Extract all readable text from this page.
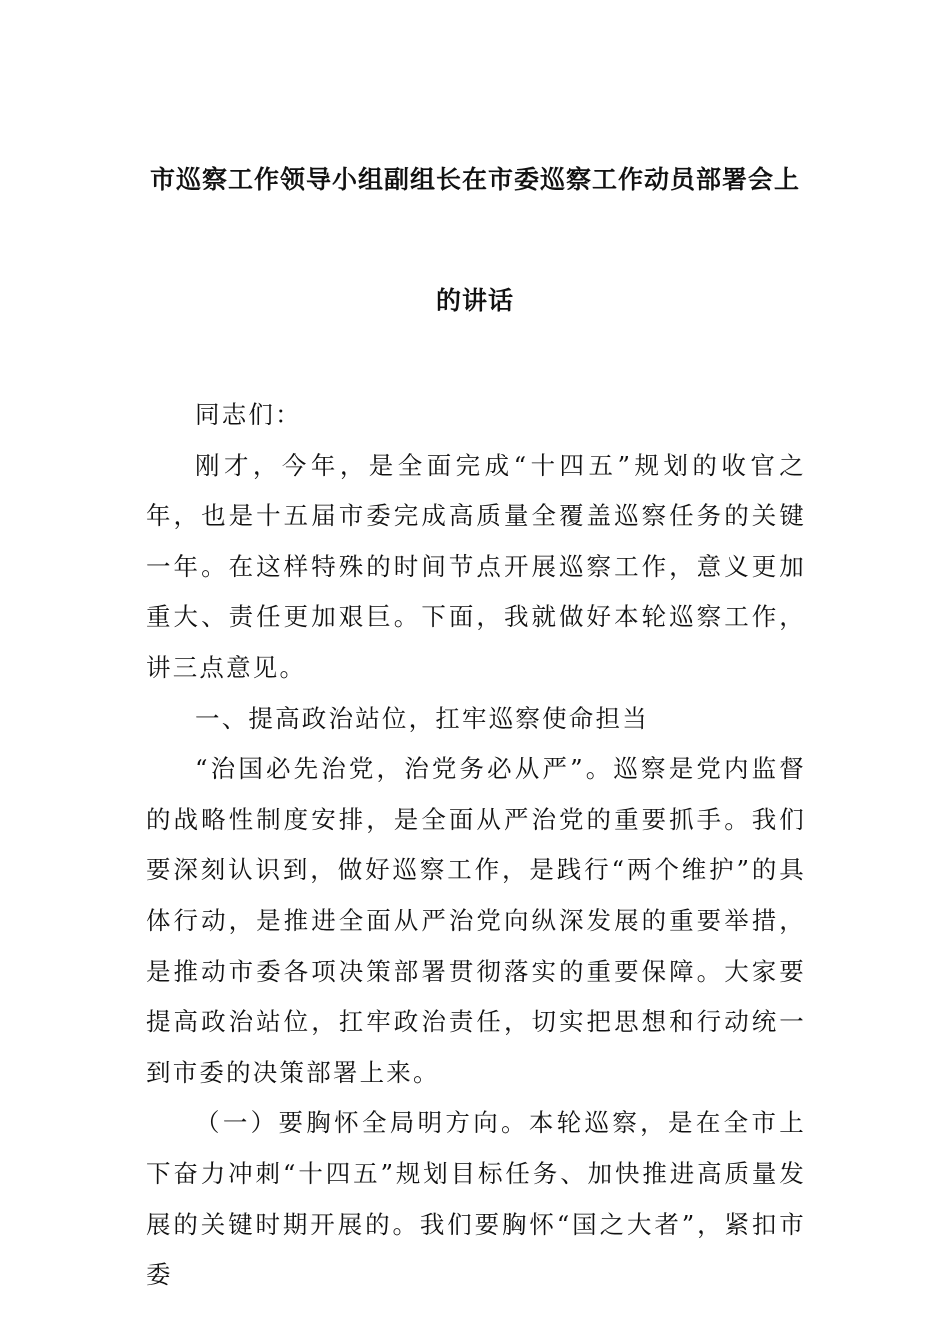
市巡察工作领导小组副组长在市委巡察工作动员部署会上
的讲话

同志们：

刚才，今年，是全面完成“十四五”规划的收官之年，也是十五届市委完成高质量全覆盖巡察任务的关键一年。在这样特殊的时间节点开展巡察工作，意义更加重大、责任更加艰巨。下面，我就做好本轮巡察工作，讲三点意见。

一、提高政治站位，扛牢巡察使命担当

“治国必先治党，治党务必从严”。巡察是党内监督的战略性制度安排，是全面从严治党的重要抓手。我们要深刻认识到，做好巡察工作，是践行“两个维护”的具体行动，是推进全面从严治党向纵深发展的重要举措，是推动市委各项决策部署贯彻落实的重要保障。大家要提高政治站位，扛牢政治责任，切实把思想和行动统一到市委的决策部署上来。

（一）要胸怀全局明方向。本轮巡察，是在全市上下奋力冲刺“十四五”规划目标任务、加快推进高质量发展的关键时期开展的。我们要胸怀“国之大者”，紧扣市委
